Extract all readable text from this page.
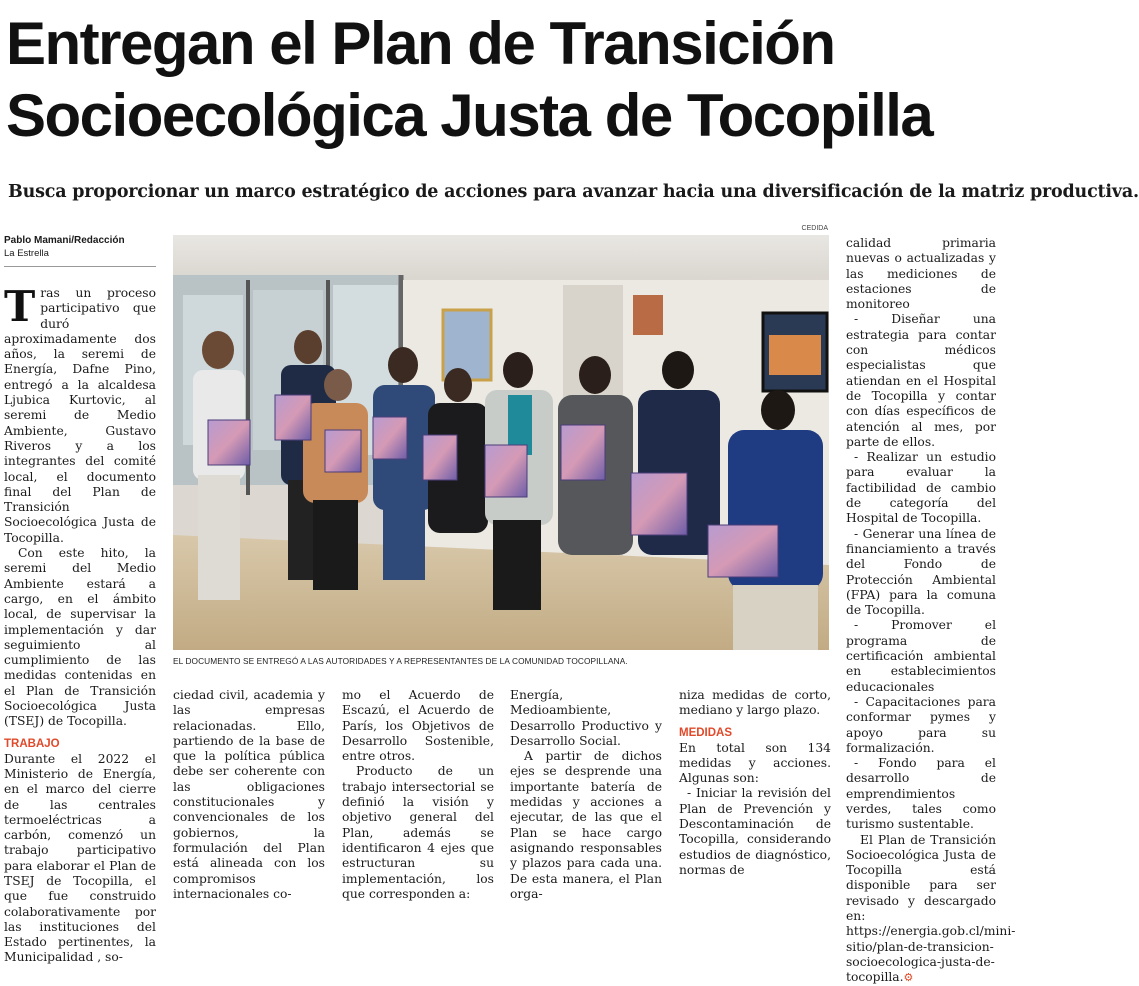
Entregan el Plan de Transición
Socioecológica Justa de Tocopilla
Busca proporcionar un marco estratégico de acciones para avanzar hacia una diversificación de la matriz productiva.
CEDIDA
Pablo Mamani/Redacción
La Estrella

Tras un proceso participativo que duró aproximadamente dos años, la seremi de Energía, Dafne Pino, entregó a la alcaldesa Ljubica Kurtovic, al seremi de Medio Ambiente, Gustavo Riveros y a los integrantes del comité local, el documento final del Plan de Transición Socioecológica Justa de Tocopilla.

Con este hito, la seremi del Medio Ambiente estará a cargo, en el ámbito local, de supervisar la implementación y dar seguimiento al cumplimiento de las medidas contenidas en el Plan de Transición Socioecológica Justa (TSEJ) de Tocopilla.

TRABAJO

Durante el 2022 el Ministerio de Energía, en el marco del cierre de las centrales termoeléctricas a carbón, comenzó un trabajo participativo para elaborar el Plan de TSEJ de Tocopilla, el que fue construido colaborativamente por las instituciones del Estado pertinentes, la Municipalidad , so-

EL DOCUMENTO SE ENTREGÓ A LAS AUTORIDADES Y A REPRESENTANTES DE LA COMUNIDAD TOCOPILLANA.

ciedad civil, academia y las empresas relacionadas. Ello, partiendo de la base de que la política pública debe ser coherente con las obligaciones constitucionales y convencionales de los gobiernos, la formulación del Plan está alineada con los compromisos internacionales co-

mo el Acuerdo de Escazú, el Acuerdo de París, los Objetivos de Desarrollo Sostenible, entre otros.

Producto de un trabajo intersectorial se definió la visión y objetivo general del Plan, además se identificaron 4 ejes que estructuran su implementación, los que corresponden a:

Energía, Medioambiente, Desarrollo Productivo y Desarrollo Social.

A partir de dichos ejes se desprende una importante batería de medidas y acciones a ejecutar, de las que el Plan se hace cargo asignando responsables y plazos para cada una. De esta manera, el Plan orga-

niza medidas de corto, mediano y largo plazo.

MEDIDAS

En total son 134 medidas y acciones. Algunas son:

- Iniciar la revisión del Plan de Prevención y Descontaminación de Tocopilla, considerando estudios de diagnóstico, normas de

calidad primaria nuevas o actualizadas y las mediciones de estaciones de monitoreo

- Diseñar una estrategia para contar con médicos especialistas que atiendan en el Hospital de Tocopilla y contar con días específicos de atención al mes, por parte de ellos.

- Realizar un estudio para evaluar la factibilidad de cambio de categoría del Hospital de Tocopilla.

- Generar una línea de financiamiento a través del Fondo de Protección Ambiental (FPA) para la comuna de Tocopilla.

- Promover el programa de certificación ambiental en establecimientos educacionales

- Capacitaciones para conformar pymes y apoyo para su formalización.

- Fondo para el desarrollo de emprendimientos verdes, tales como turismo sustentable.

El Plan de Transición Socioecológica Justa de Tocopilla está disponible para ser revisado y descargado en: https://energia.gob.cl/mini-sitio/plan-de-transicion-socioecologica-justa-de-tocopilla.⚙
